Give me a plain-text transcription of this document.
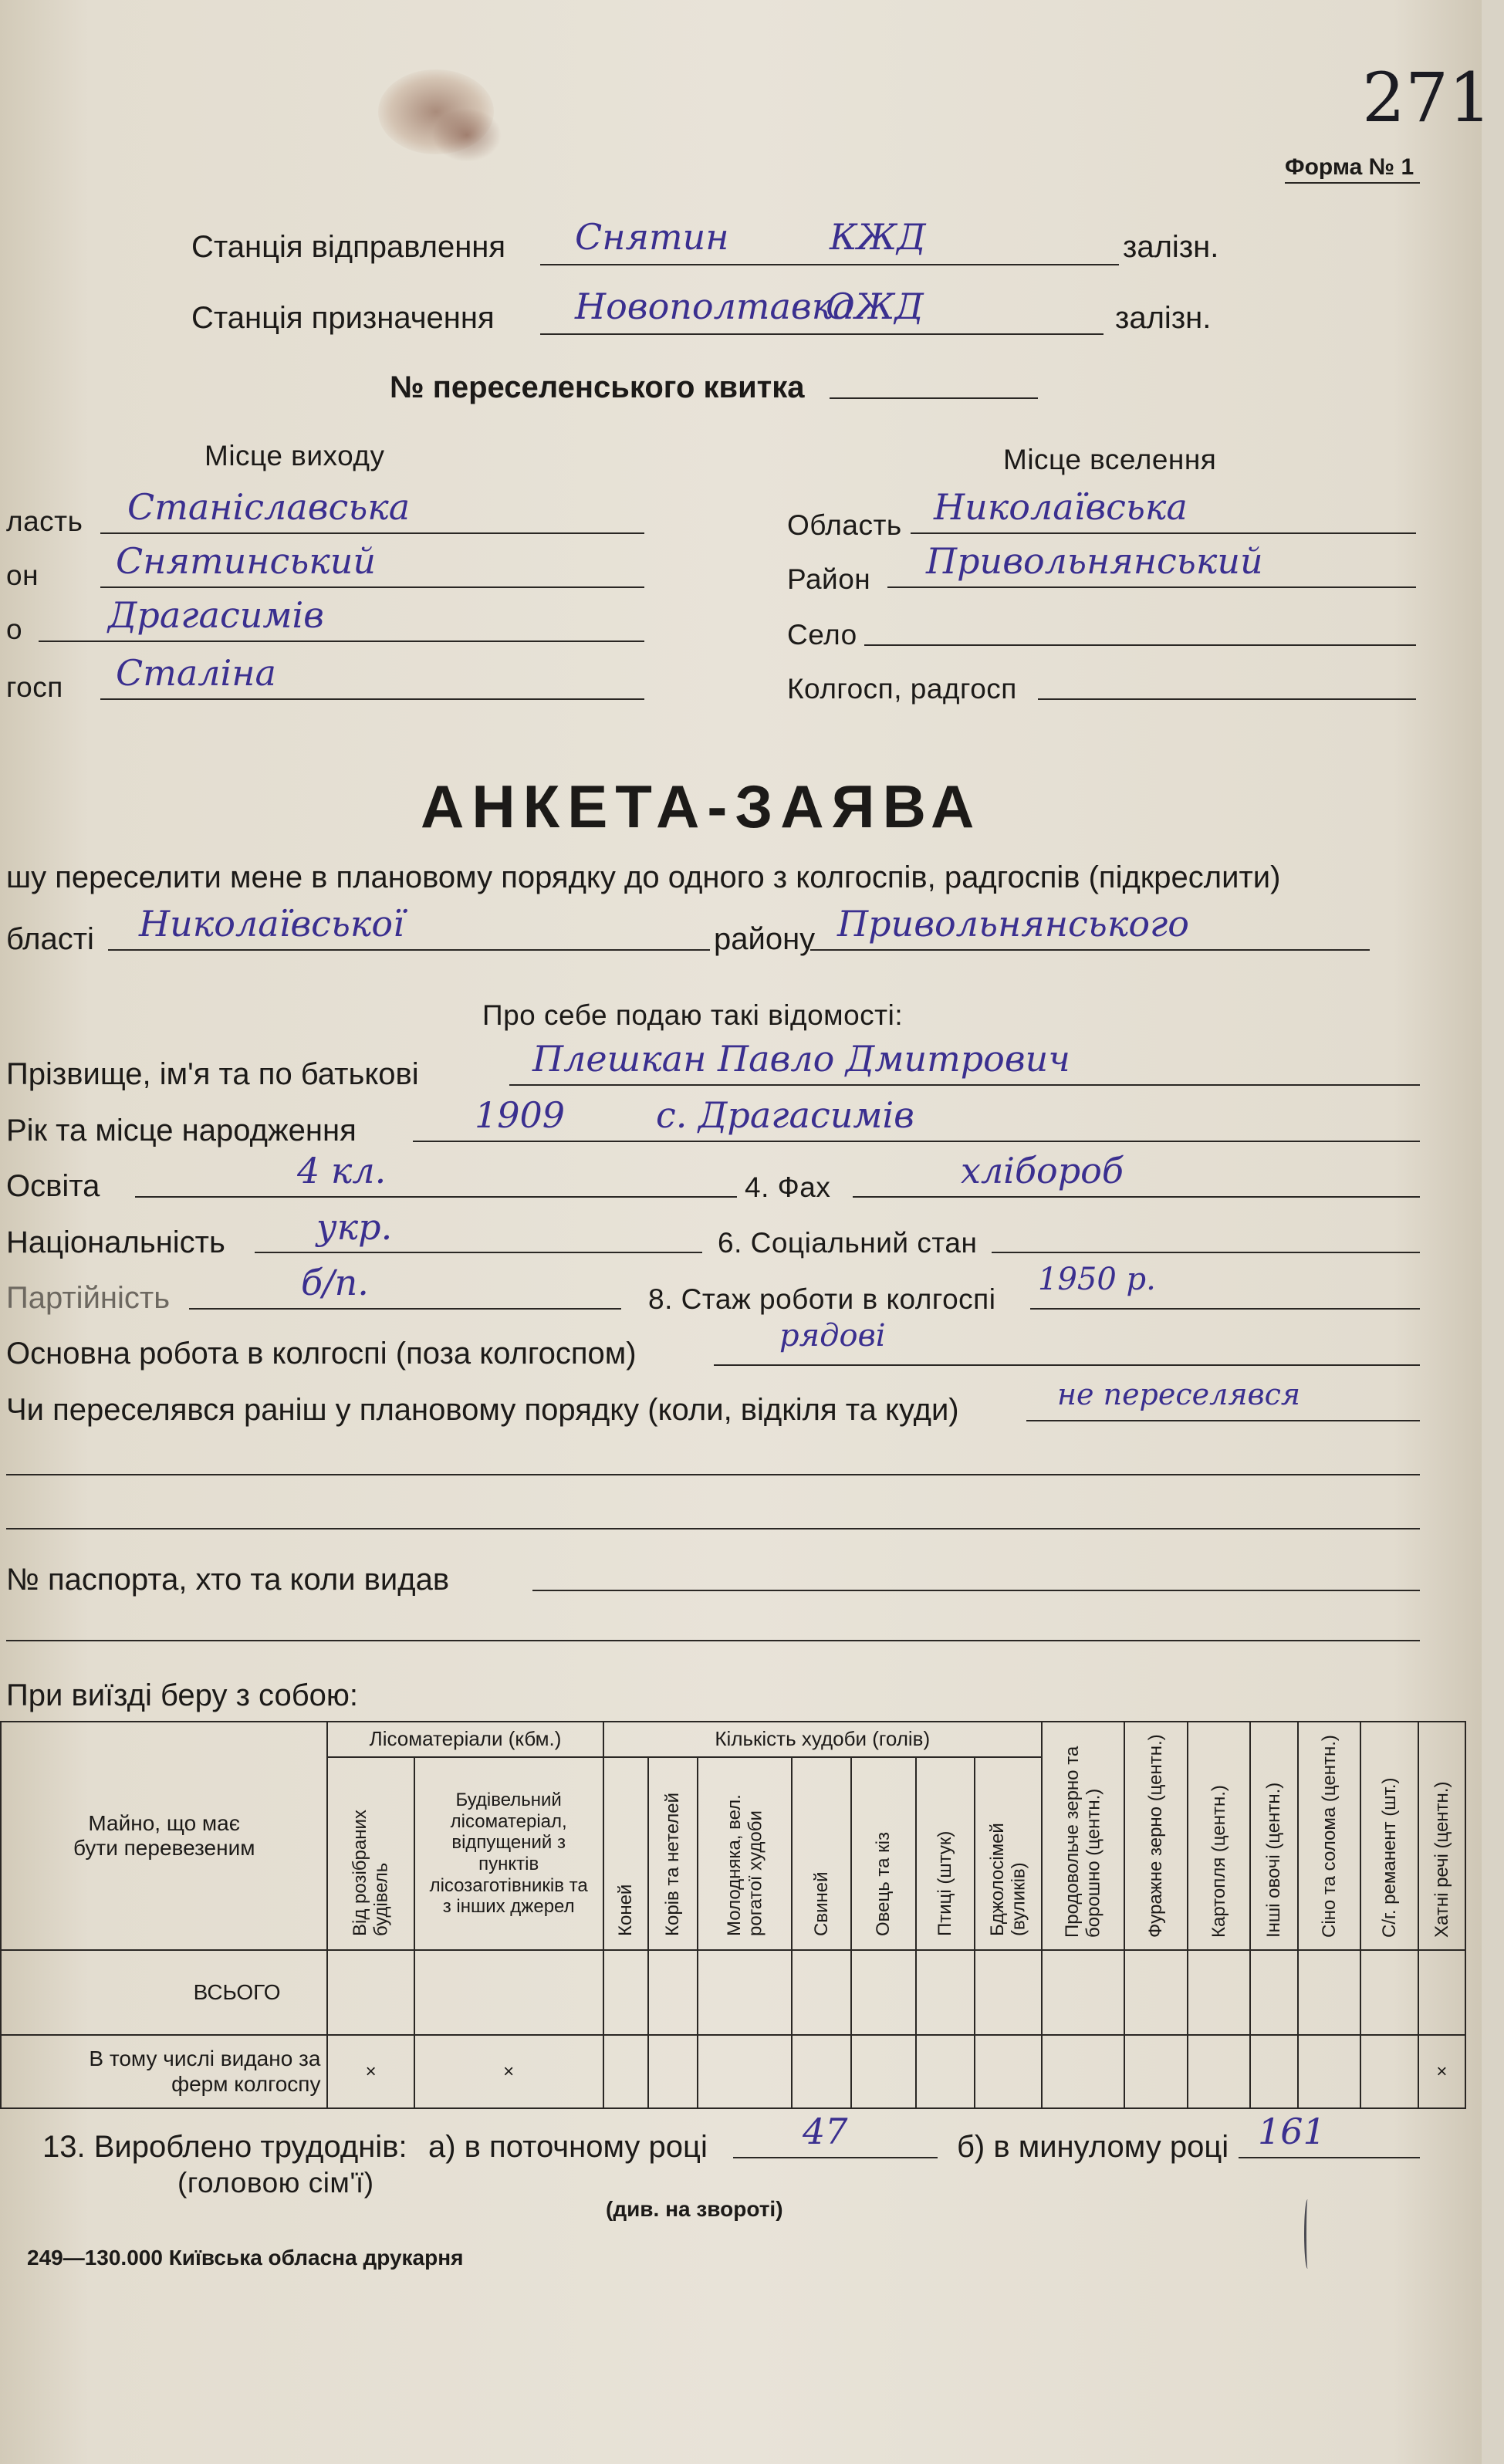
271
Форма № 1
Станція відправлення Снятин	КЖД	залізн.
Станція призначення Новополтавка
ОЖД	залізн.
№ переселенського квитка
Місце виходу	Місце вселення
ласть Станіславська
он Снятинський
о Драгасимів
госп Сталіна
Область Николаївська
Район Привольнянський
Село
Колгосп, радгосп
АНКЕТА-ЗАЯВА
шу переселити мене в плановому порядку до одного з колгоспів, радгоспів (підкреслити)
бласті Николаївської	району Привольнянського
Про себе подаю такі відомості:
Прізвище, ім'я та по батькові	Плешкан Павло Дмитрович
Рік та місце народження	1909	с. Драгасимів
Освіта	4 кл.	4. Фах	хлібороб
Національність	укр.	6. Соціальний стан
Партійність	б/п.	8. Стаж роботи в колгоспі
1950 р.
Основна робота в колгоспі (поза колгоспом)	рядові
Чи переселявся раніш у плановому порядку (коли, відкіля та куди)	не переселявся
№ паспорта, хто та коли видав
При виїзді беру з собою:
Майно, що має бути перевезеним	Лісоматеріали (кбм.)		Кількість худоби (голів)							Продовольче зерно та борошно (центн.)	Фуражне зерно (центн.)	Картопля (центн.)	Інші овочі (центн.)	Сіно та солома (центн.)	С/г. реманент (шт.)	Хатні речі (центн.)
	Від розібраних будівель	Будівельний лісоматеріал, відпущений з пунктів лісозаготівників та з інших джерел	Коней	Корів та нетелей	Молодняка, вел. рогатої худоби	Свиней	Овець та кіз	Птиці (штук)	Бджолосімей (вуликів)							
ВСЬОГО																

В тому числі видано за ферм колгоспу	×	×														×
13. Вироблено трудоднів:
(головою сім'ї)
а) в поточному році	47	б) в минулому році 161
(див. на звороті)
249—130.000 Київська обласна друкарня
